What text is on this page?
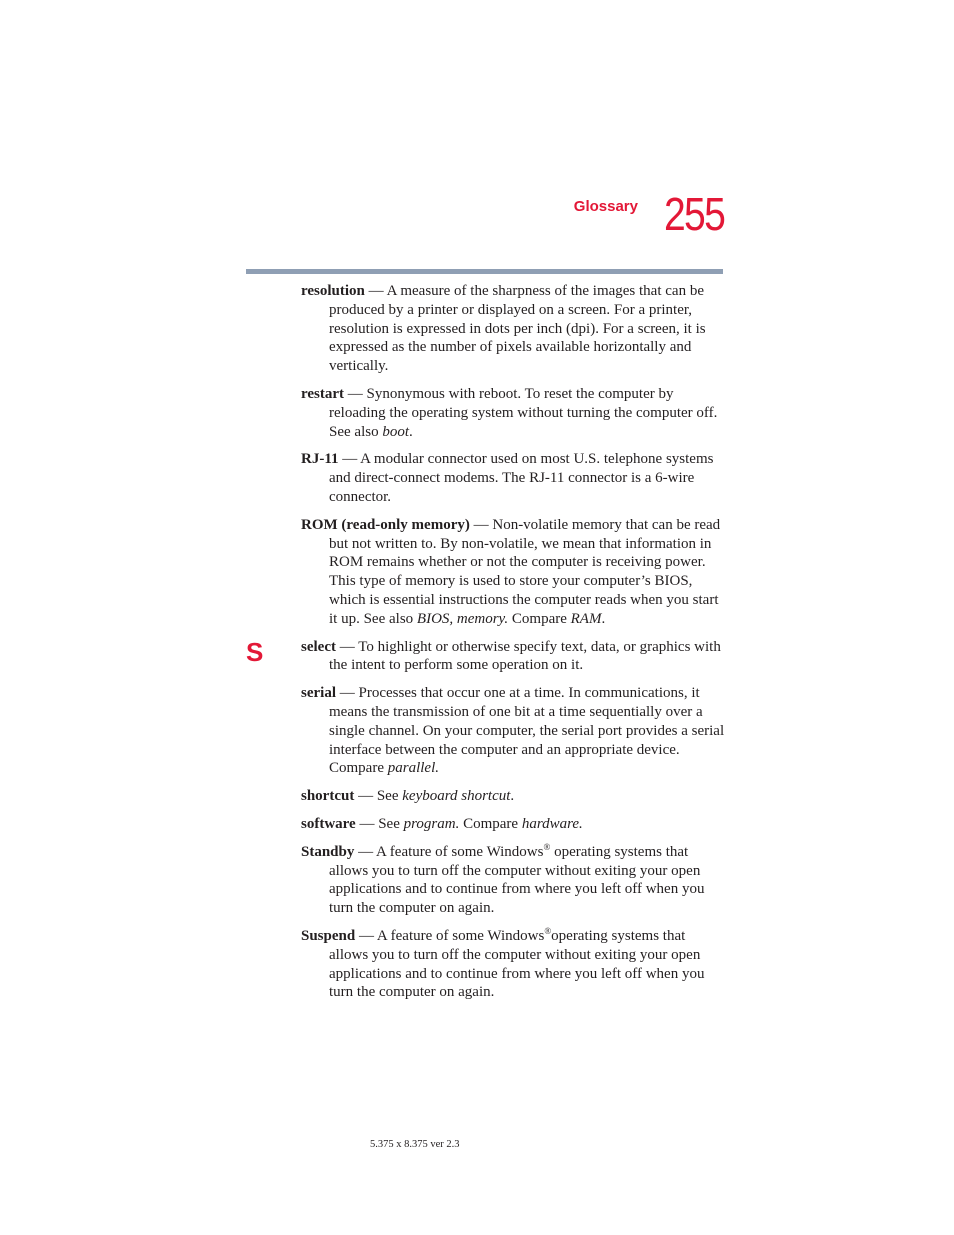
Glossary 255
S

resolution — A measure of the sharpness of the images that can be produced by a printer or displayed on a screen. For a printer, resolution is expressed in dots per inch (dpi). For a screen, it is expressed as the number of pixels available horizontally and vertically.

restart — Synonymous with reboot. To reset the computer by reloading the operating system without turning the computer off. See also boot.

RJ-11 — A modular connector used on most U.S. telephone systems and direct-connect modems. The RJ-11 connector is a 6-wire connector.

ROM (read-only memory) — Non-volatile memory that can be read but not written to. By non-volatile, we mean that information in ROM remains whether or not the computer is receiving power. This type of memory is used to store your computer’s BIOS, which is essential instructions the computer reads when you start it up. See also BIOS, memory. Compare RAM.

select — To highlight or otherwise specify text, data, or graphics with the intent to perform some operation on it.

serial — Processes that occur one at a time. In communications, it means the transmission of one bit at a time sequentially over a single channel. On your computer, the serial port provides a serial interface between the computer and an appropriate device. Compare parallel.

shortcut — See keyboard shortcut.

software — See program. Compare hardware.

Standby — A feature of some Windows® operating systems that allows you to turn off the computer without exiting your open applications and to continue from where you left off when you turn the computer on again.

Suspend — A feature of some Windows®operating systems that allows you to turn off the computer without exiting your open applications and to continue from where you left off when you turn the computer on again.

5.375 x 8.375 ver 2.3
